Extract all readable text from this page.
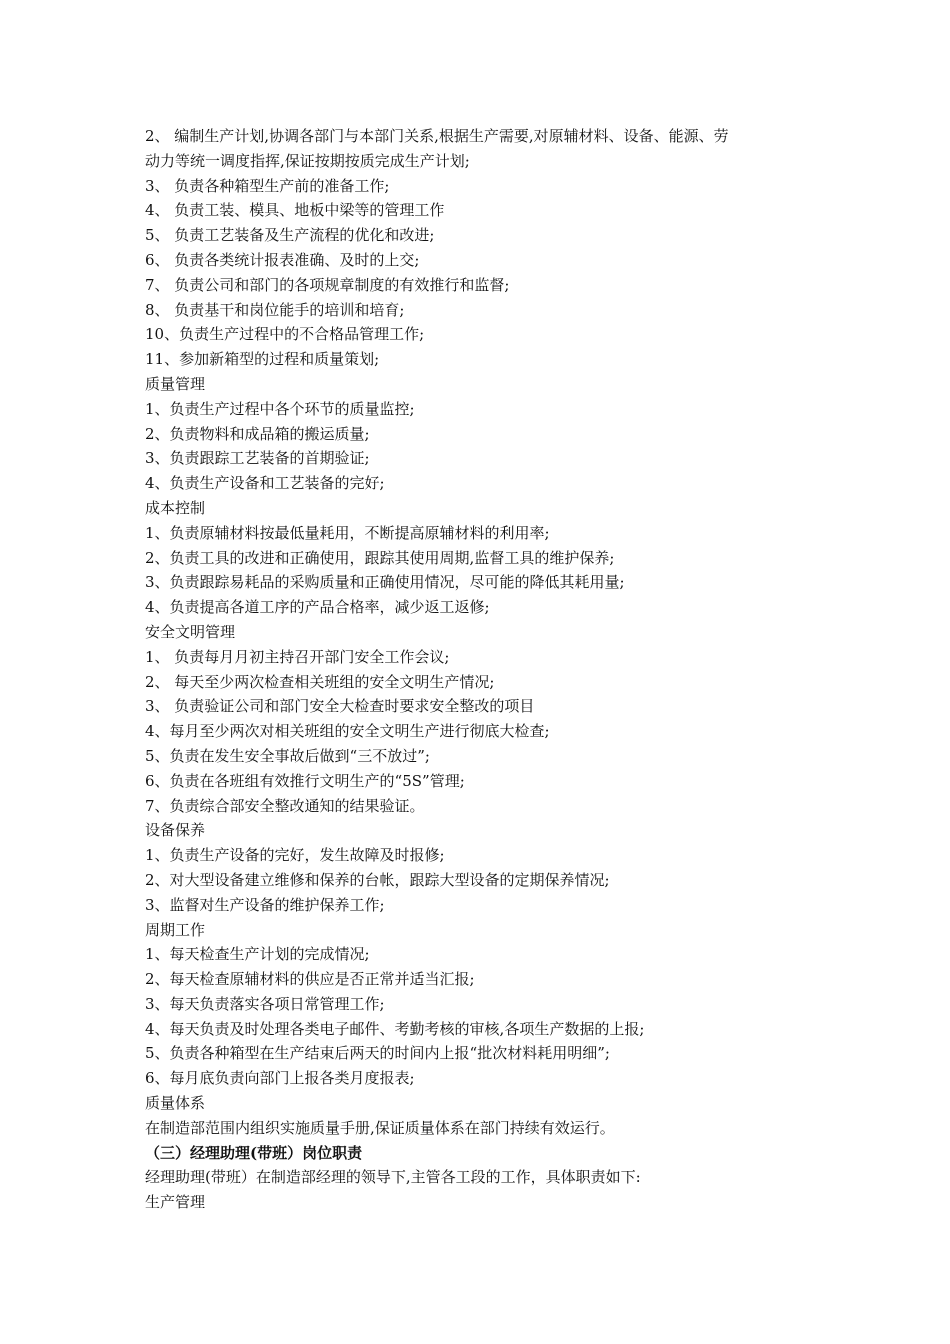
2、 编制生产计划,协调各部门与本部门关系,根据生产需要,对原辅材料、设备、能源、劳
动力等统一调度指挥,保证按期按质完成生产计划;
3、 负责各种箱型生产前的准备工作;
4、 负责工装、模具、地板中梁等的管理工作
5、 负责工艺装备及生产流程的优化和改进;
6、 负责各类统计报表准确、及时的上交;
7、 负责公司和部门的各项规章制度的有效推行和监督;
8、 负责基干和岗位能手的培训和培育;
10、负责生产过程中的不合格品管理工作;
11、参加新箱型的过程和质量策划;
质量管理
1、负责生产过程中各个环节的质量监控;
2、负责物料和成品箱的搬运质量;
3、负责跟踪工艺装备的首期验证;
4、负责生产设备和工艺装备的完好;
成本控制
1、负责原辅材料按最低量耗用，不断提高原辅材料的利用率;
2、负责工具的改进和正确使用，跟踪其使用周期,监督工具的维护保养;
3、负责跟踪易耗品的采购质量和正确使用情况，尽可能的降低其耗用量;
4、负责提高各道工序的产品合格率，减少返工返修;
安全文明管理
1、 负责每月月初主持召开部门安全工作会议;
2、 每天至少两次检查相关班组的安全文明生产情况;
3、 负责验证公司和部门安全大检查时要求安全整改的项目
4、每月至少两次对相关班组的安全文明生产进行彻底大检查;
5、负责在发生安全事故后做到“三不放过”;
6、负责在各班组有效推行文明生产的“5S”管理;
7、负责综合部安全整改通知的结果验证。
设备保养
1、负责生产设备的完好，发生故障及时报修;
2、对大型设备建立维修和保养的台帐，跟踪大型设备的定期保养情况;
3、监督对生产设备的维护保养工作;
周期工作
1、每天检查生产计划的完成情况;
2、每天检查原辅材料的供应是否正常并适当汇报;
3、每天负责落实各项日常管理工作;
4、每天负责及时处理各类电子邮件、考勤考核的审核,各项生产数据的上报;
5、负责各种箱型在生产结束后两天的时间内上报“批次材料耗用明细”;
6、每月底负责向部门上报各类月度报表;
质量体系
在制造部范围内组织实施质量手册,保证质量体系在部门持续有效运行。
（三）经理助理(带班）岗位职责
经理助理(带班）在制造部经理的领导下,主管各工段的工作，具体职责如下:
生产管理
